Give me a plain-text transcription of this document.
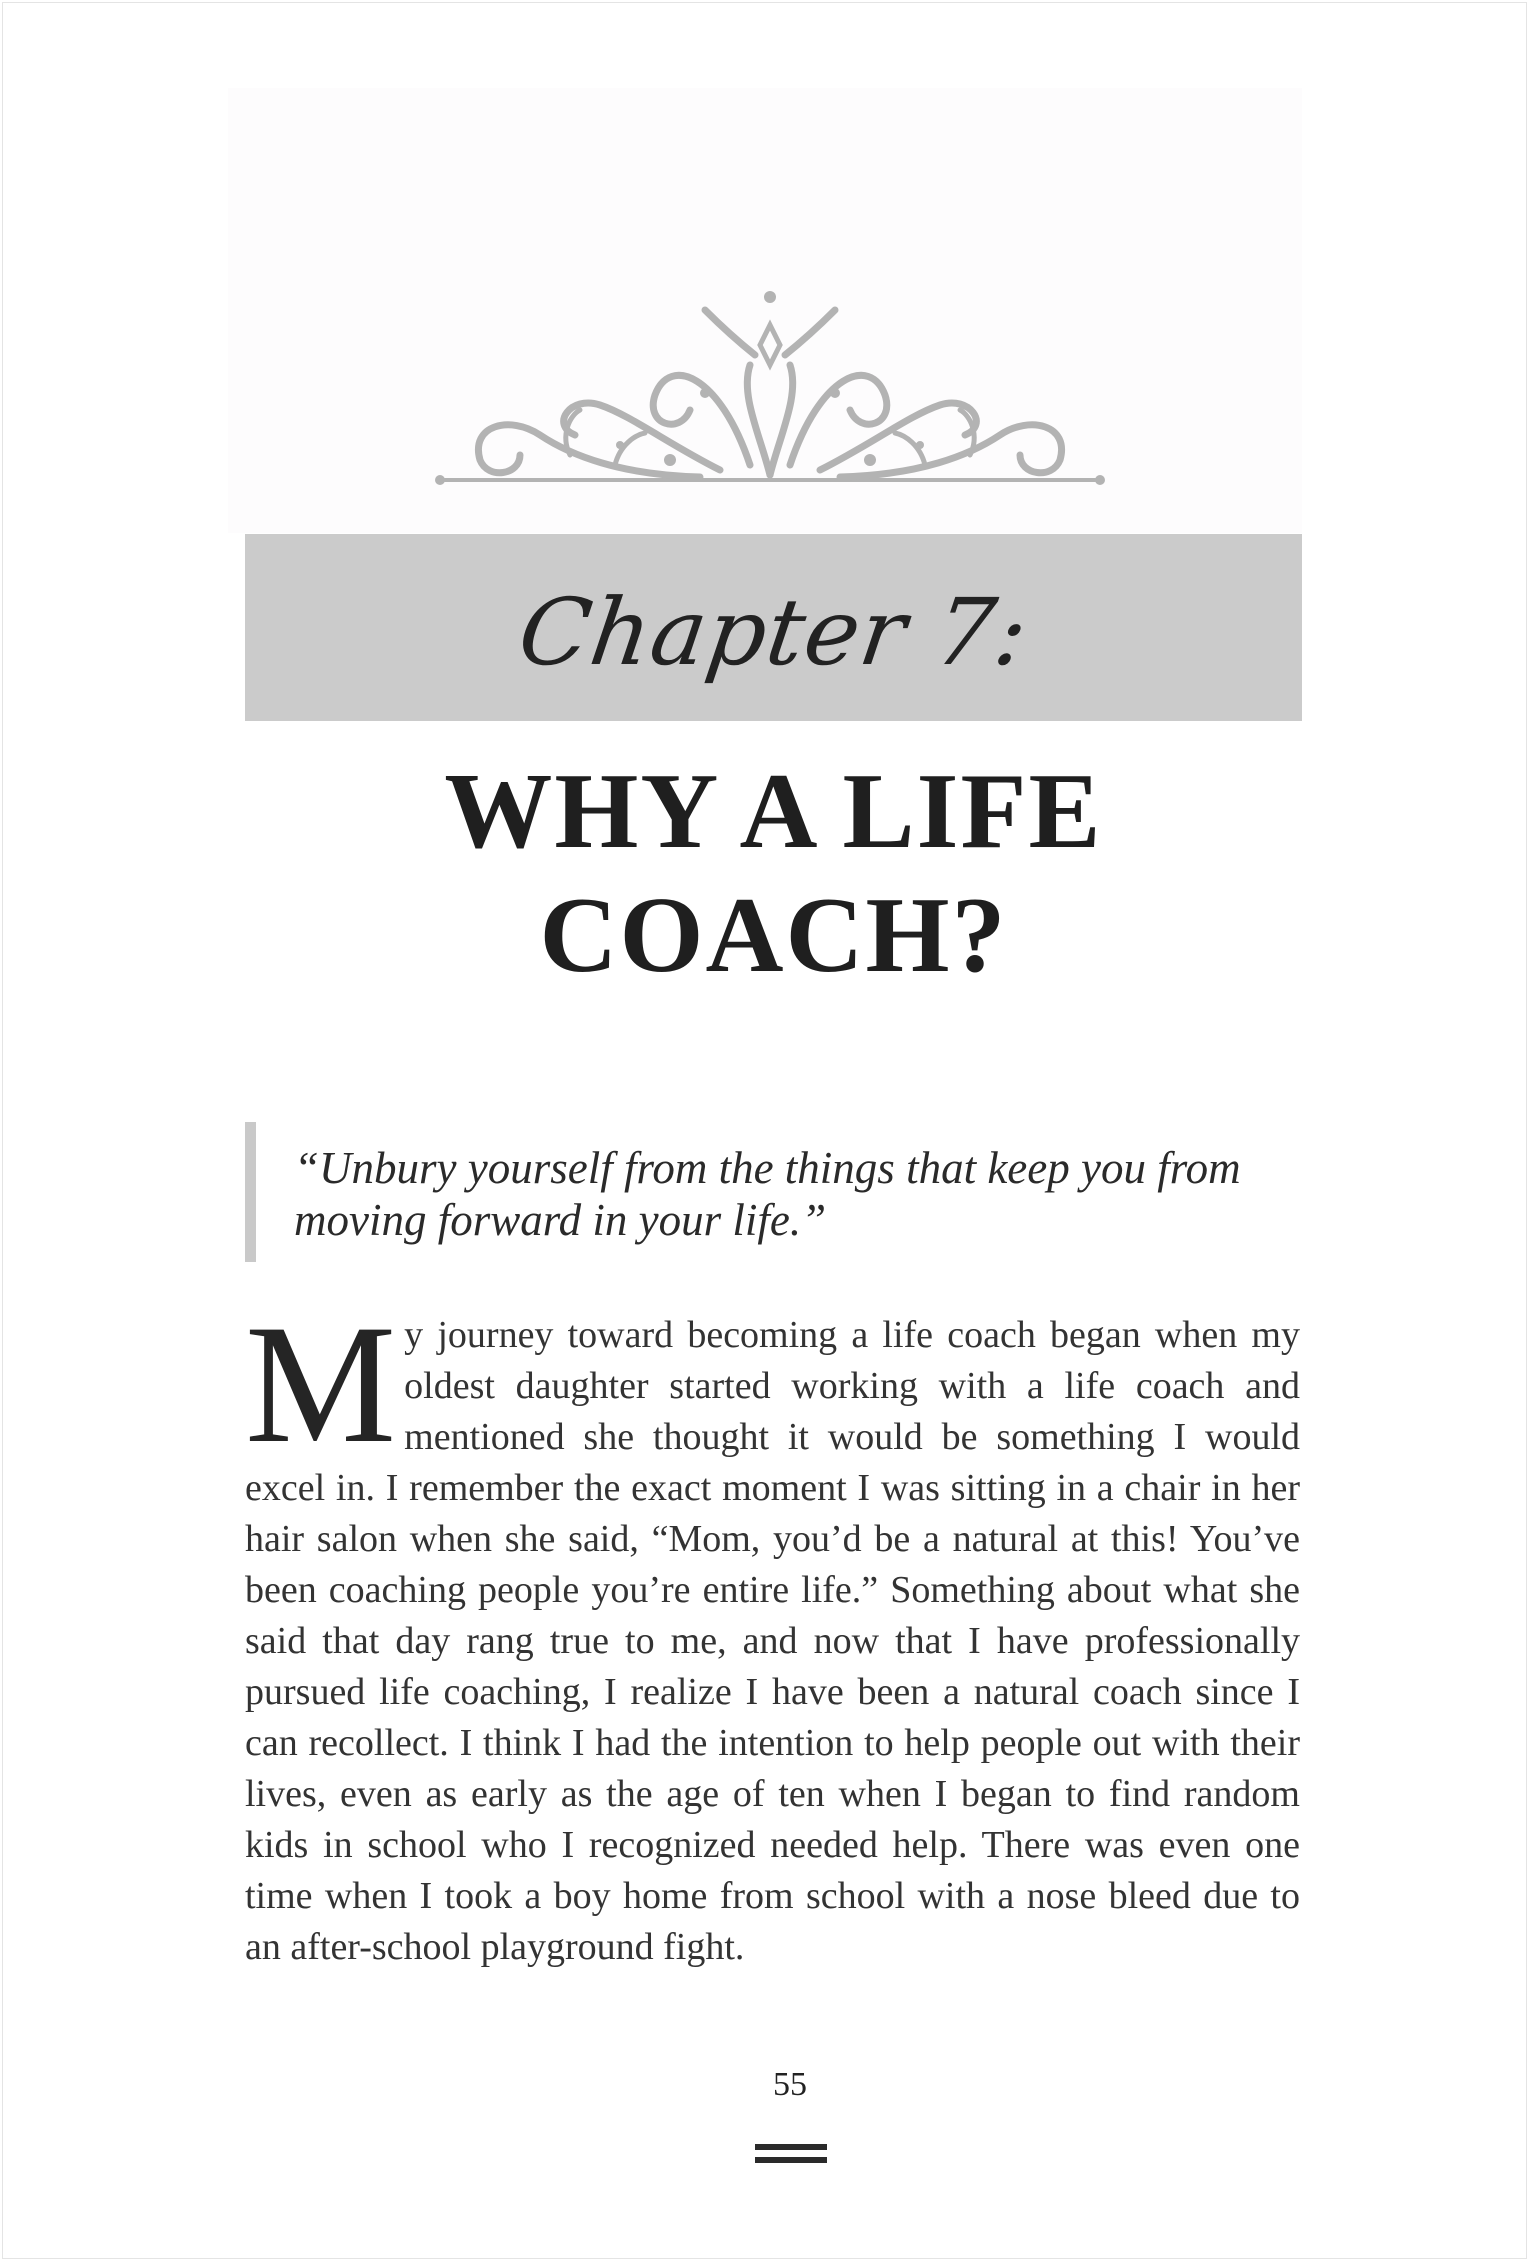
Chapter 7:
WHY A LIFE
COACH?
“Unbury yourself from the things that keep you from
moving forward in your life.”

My journey toward becoming a life coach began when my oldest daughter started working with a life coach and mentioned she thought it would be something I would excel in. I remember the exact moment I was sitting in a chair in her hair salon when she said, “Mom, you’d be a natural at this! You’ve been coaching people you’re entire life.” Something about what she said that day rang true to me, and now that I have professionally pursued life coaching, I realize I have been a natural coach since I can recollect. I think I had the intention to help people out with their lives, even as early as the age of ten when I began to find random kids in school who I recognized needed help. There was even one time when I took a boy home from school with a nose bleed due to an after-school playground fight.

55
